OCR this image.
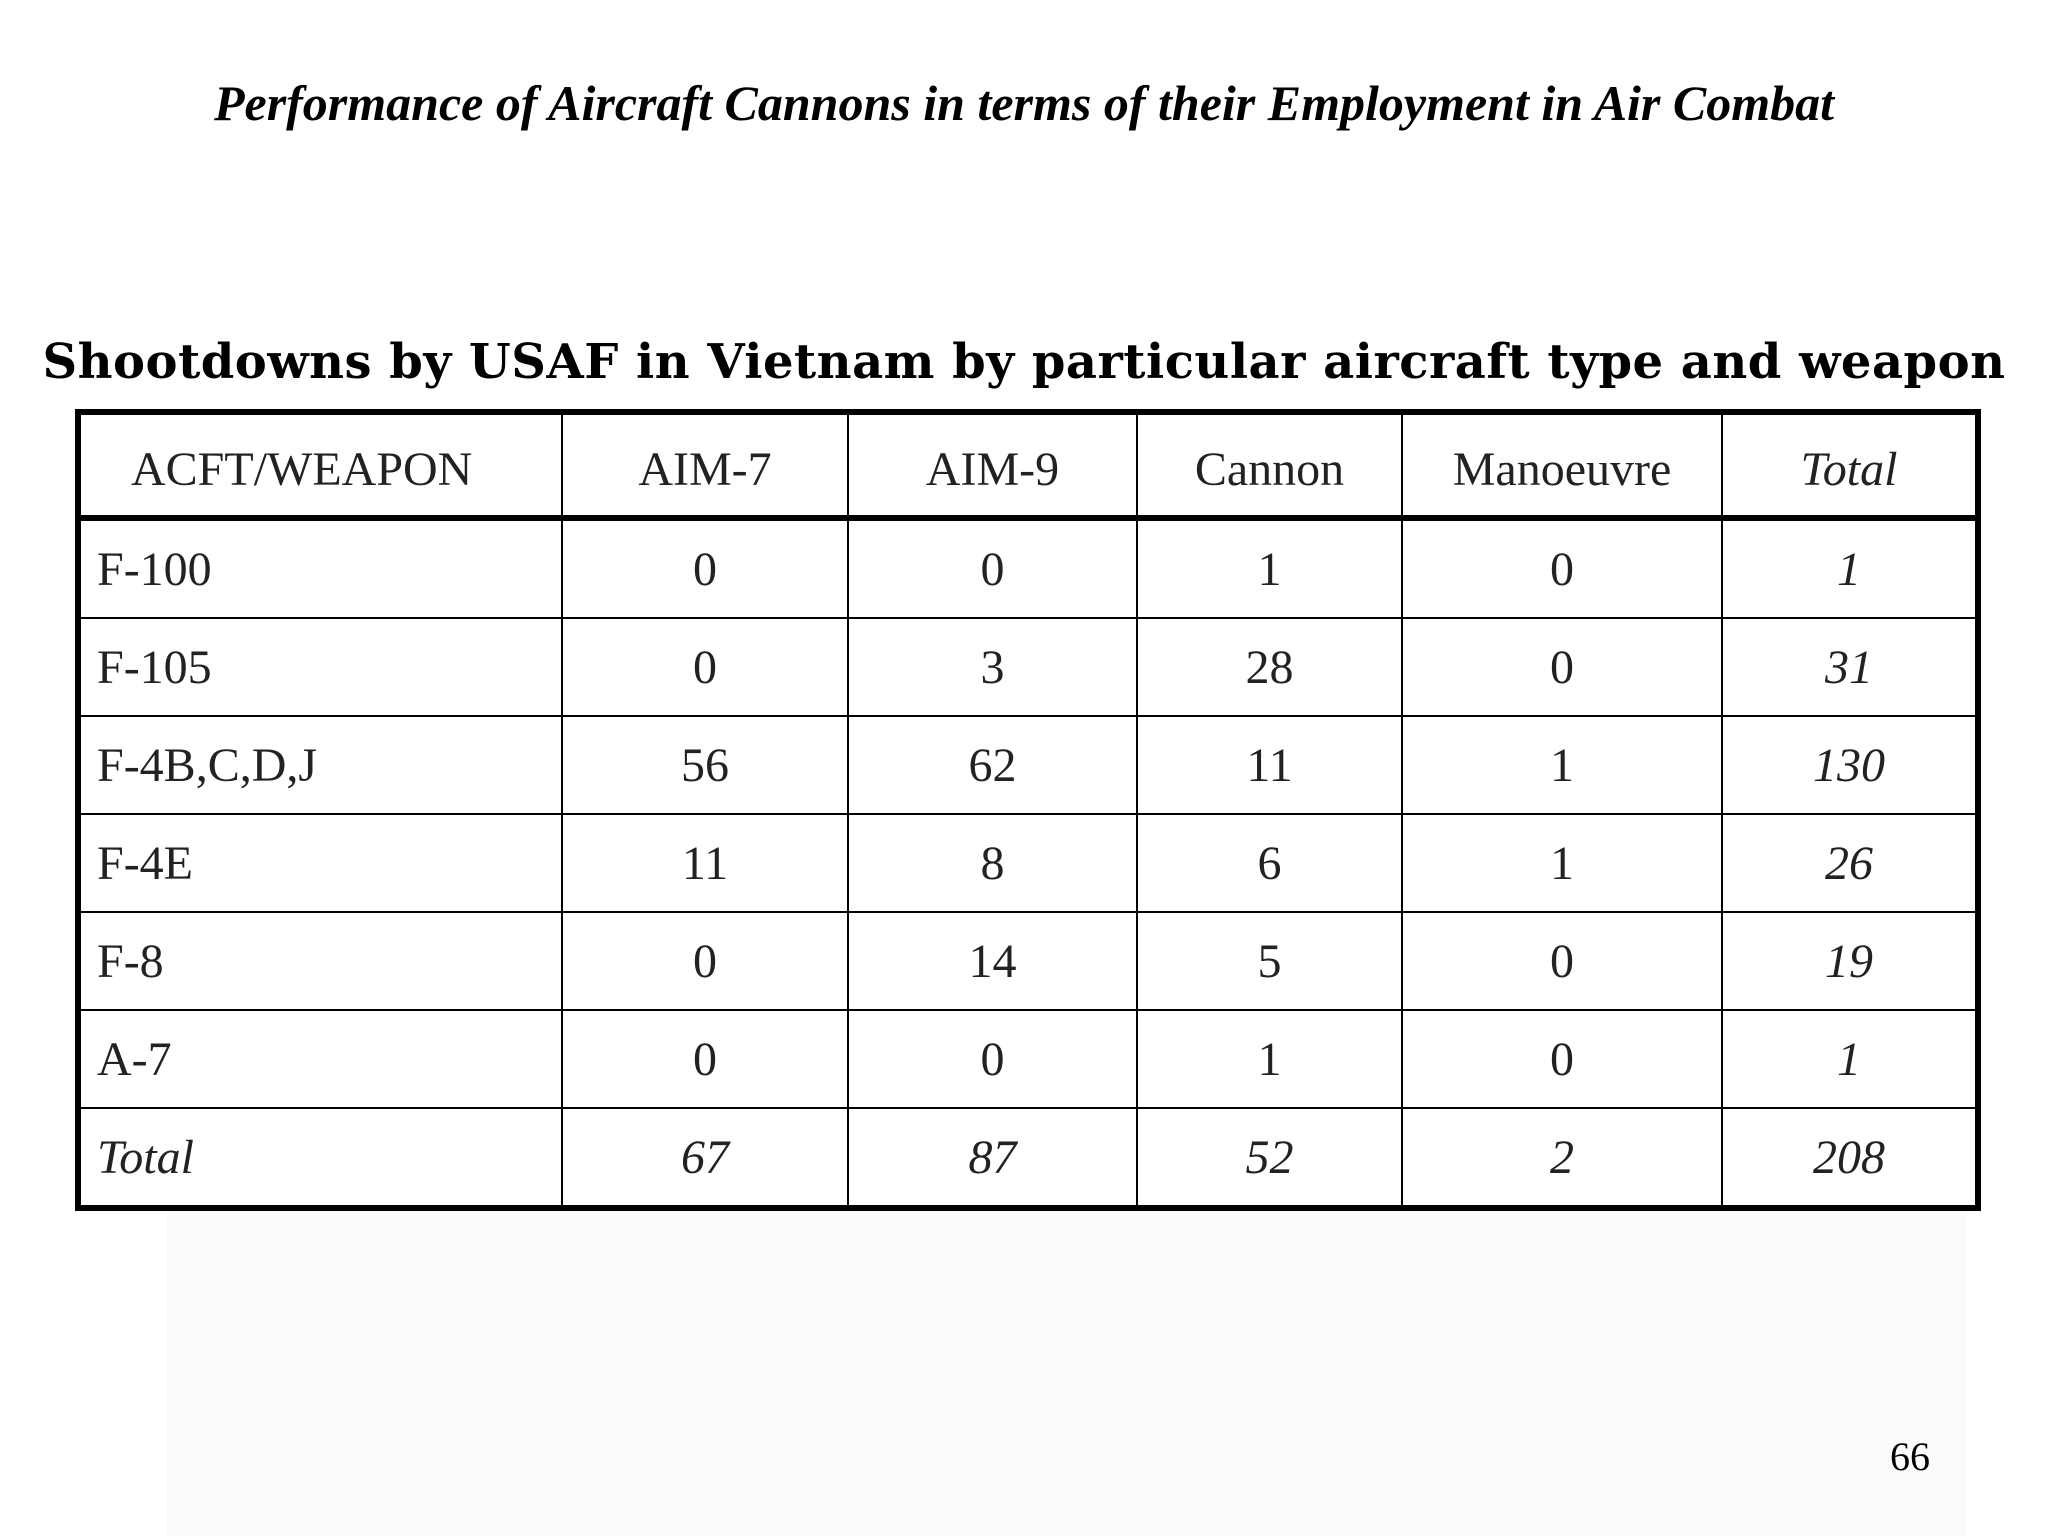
Performance of Aircraft Cannons in terms of their Employment in Air Combat
Shootdowns by USAF in Vietnam by particular aircraft type and weapon
ACFT/WEAPON	AIM-7	AIM-9	Cannon	Manoeuvre	Total
F-100	0	0	1	0	1
F-105	0	3	28	0	31
F-4B,C,D,J	56	62	11	1	130
F-4E	11	8	6	1	26
F-8	0	14	5	0	19
A-7	0	0	1	0	1
Total	67	87	52	2	208

66
